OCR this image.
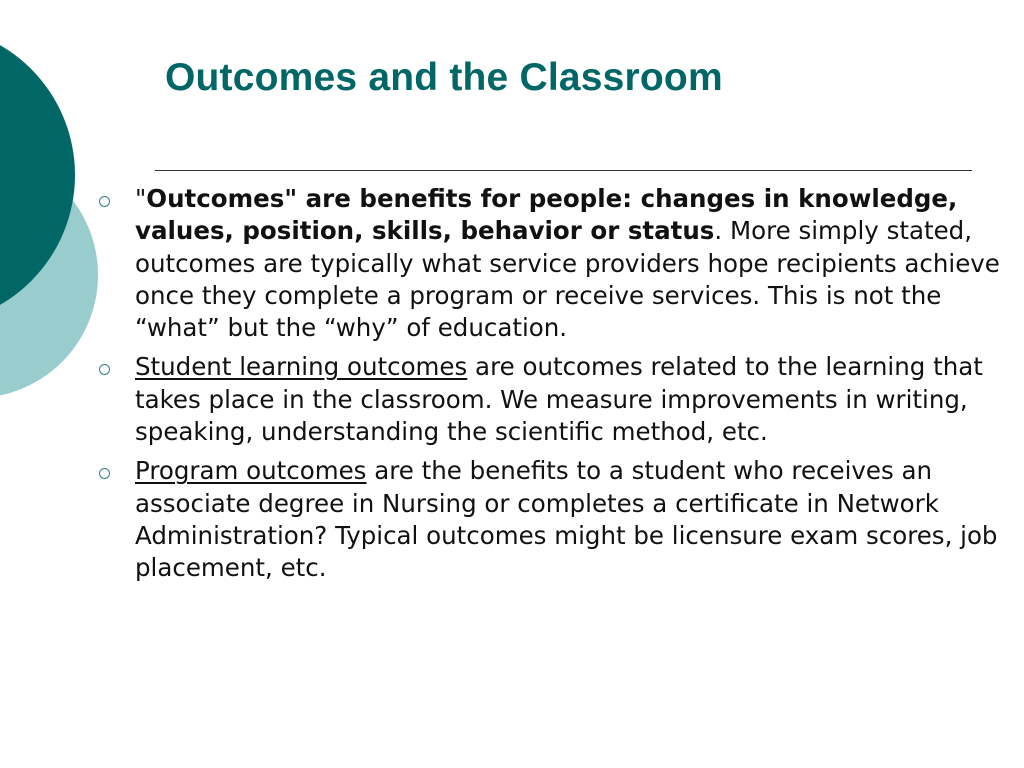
Outcomes and the Classroom
"Outcomes" are benefits for people: changes in knowledge, values, position, skills, behavior or status. More simply stated, outcomes are typically what service providers hope recipients achieve once they complete a program or receive services. This is not the “what” but the “why” of education.
Student learning outcomes are outcomes related to the learning that takes place in the classroom. We measure improvements in writing, speaking, understanding the scientific method, etc.
Program outcomes are the benefits to a student who receives an associate degree in Nursing or completes a certificate in Network Administration? Typical outcomes might be licensure exam scores, job placement, etc.
